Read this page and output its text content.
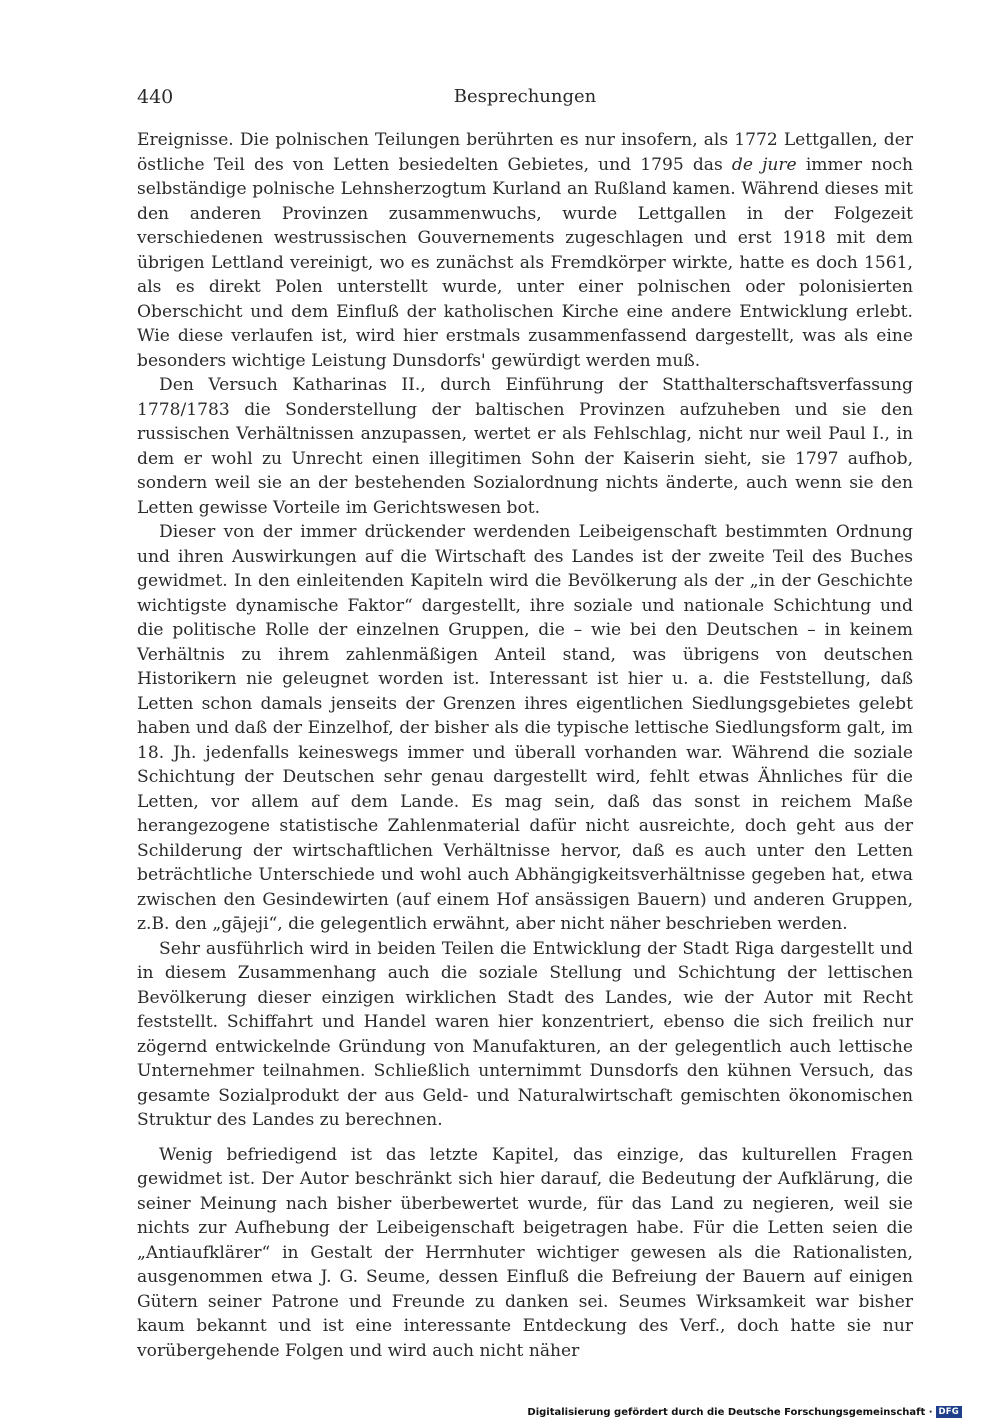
440	Besprechungen

Ereignisse. Die polnischen Teilungen berührten es nur insofern, als 1772 Lettgallen, der östliche Teil des von Letten besiedelten Gebietes, und 1795 das de jure immer noch selbständige polnische Lehnsherzogtum Kurland an Rußland kamen. Während dieses mit den anderen Provinzen zusammenwuchs, wurde Lettgallen in der Folgezeit verschiedenen westrussischen Gouvernements zugeschlagen und erst 1918 mit dem übrigen Lettland vereinigt, wo es zunächst als Fremdkörper wirkte, hatte es doch 1561, als es direkt Polen unterstellt wurde, unter einer polnischen oder polonisierten Oberschicht und dem Einfluß der katholischen Kirche eine andere Entwicklung erlebt. Wie diese verlaufen ist, wird hier erstmals zusammenfassend dargestellt, was als eine besonders wichtige Leistung Dunsdorfs' gewürdigt werden muß.

Den Versuch Katharinas II., durch Einführung der Statthalterschaftsverfassung 1778/1783 die Sonderstellung der baltischen Provinzen aufzuheben und sie den russischen Verhältnissen anzupassen, wertet er als Fehlschlag, nicht nur weil Paul I., in dem er wohl zu Unrecht einen illegitimen Sohn der Kaiserin sieht, sie 1797 aufhob, sondern weil sie an der bestehenden Sozialordnung nichts änderte, auch wenn sie den Letten gewisse Vorteile im Gerichtswesen bot.

Dieser von der immer drückender werdenden Leibeigenschaft bestimmten Ordnung und ihren Auswirkungen auf die Wirtschaft des Landes ist der zweite Teil des Buches gewidmet. In den einleitenden Kapiteln wird die Bevölkerung als der „in der Geschichte wichtigste dynamische Faktor“ dargestellt, ihre soziale und nationale Schichtung und die politische Rolle der einzelnen Gruppen, die – wie bei den Deutschen – in keinem Verhältnis zu ihrem zahlenmäßigen Anteil stand, was übrigens von deutschen Historikern nie geleugnet worden ist. Interessant ist hier u. a. die Feststellung, daß Letten schon damals jenseits der Grenzen ihres eigentlichen Siedlungsgebietes gelebt haben und daß der Einzelhof, der bisher als die typische lettische Siedlungsform galt, im 18. Jh. jedenfalls keineswegs immer und überall vorhanden war. Während die soziale Schichtung der Deutschen sehr genau dargestellt wird, fehlt etwas Ähnliches für die Letten, vor allem auf dem Lande. Es mag sein, daß das sonst in reichem Maße herangezogene statistische Zahlenmaterial dafür nicht ausreichte, doch geht aus der Schilderung der wirtschaftlichen Verhältnisse hervor, daß es auch unter den Letten beträchtliche Unterschiede und wohl auch Abhängigkeitsverhältnisse gegeben hat, etwa zwischen den Gesindewirten (auf einem Hof ansässigen Bauern) und anderen Gruppen, z.B. den „gājeji“, die gelegentlich erwähnt, aber nicht näher beschrieben werden.

Sehr ausführlich wird in beiden Teilen die Entwicklung der Stadt Riga dargestellt und in diesem Zusammenhang auch die soziale Stellung und Schichtung der lettischen Bevölkerung dieser einzigen wirklichen Stadt des Landes, wie der Autor mit Recht feststellt. Schiffahrt und Handel waren hier konzentriert, ebenso die sich freilich nur zögernd entwickelnde Gründung von Manufakturen, an der gelegentlich auch lettische Unternehmer teilnahmen. Schließlich unternimmt Dunsdorfs den kühnen Versuch, das gesamte Sozialprodukt der aus Geld- und Naturalwirtschaft gemischten ökonomischen Struktur des Landes zu berechnen.

Wenig befriedigend ist das letzte Kapitel, das einzige, das kulturellen Fragen gewidmet ist. Der Autor beschränkt sich hier darauf, die Bedeutung der Aufklärung, die seiner Meinung nach bisher überbewertet wurde, für das Land zu negieren, weil sie nichts zur Aufhebung der Leibeigenschaft beigetragen habe. Für die Letten seien die „Antiaufklärer“ in Gestalt der Herrnhuter wichtiger gewesen als die Rationalisten, ausgenommen etwa J. G. Seume, dessen Einfluß die Befreiung der Bauern auf einigen Gütern seiner Patrone und Freunde zu danken sei. Seumes Wirksamkeit war bisher kaum bekannt und ist eine interessante Entdeckung des Verf., doch hatte sie nur vorübergehende Folgen und wird auch nicht näher

Digitalisierung gefördert durch die Deutsche Forschungsgemeinschaft · DFG
